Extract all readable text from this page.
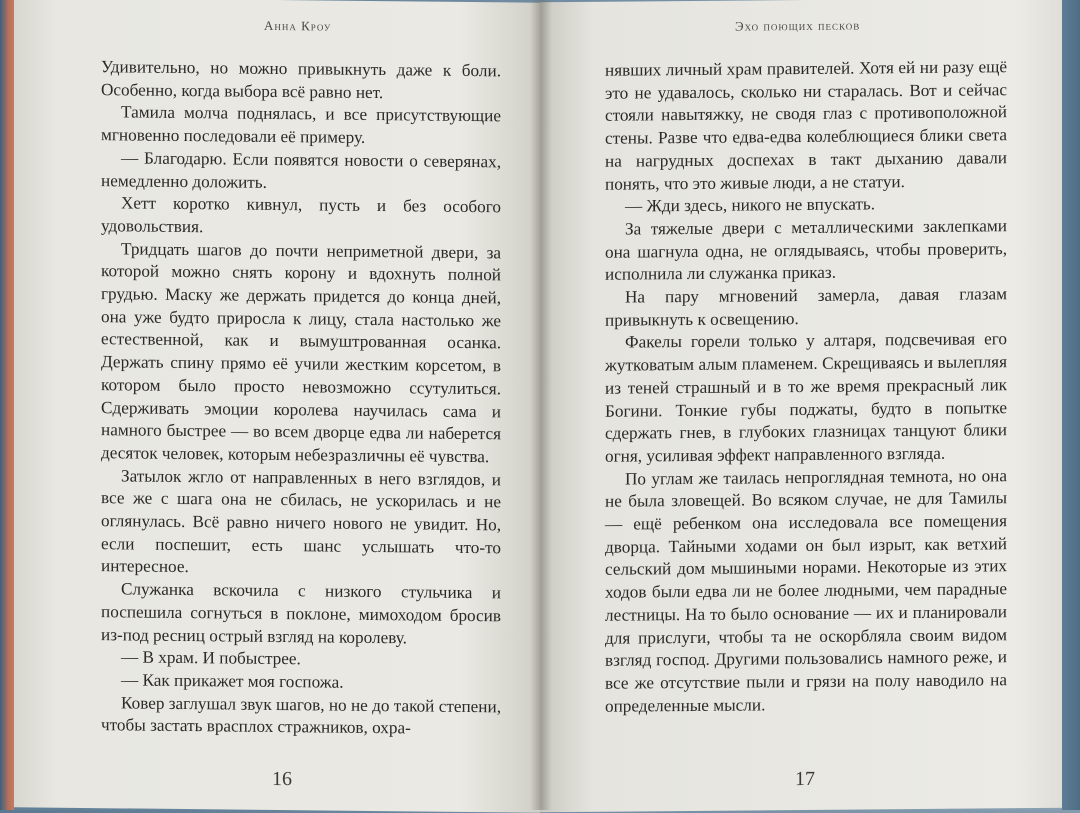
Анна Кроу

Удивительно, но можно привыкнуть даже к боли. Особенно, когда выбора всё равно нет.

Тамила молча поднялась, и все присутствующие мгновенно последовали её примеру.

— Благодарю. Если появятся новости о северянах, немедленно доложить.

Хетт коротко кивнул, пусть и без особого удовольствия.

Тридцать шагов до почти неприметной двери, за которой можно снять корону и вдохнуть полной грудью. Маску же держать придется до конца дней, она уже будто приросла к лицу, стала настолько же естественной, как и вымуштрованная осанка. Держать спину прямо её учили жестким корсетом, в котором было просто невозможно ссутулиться. Сдерживать эмоции королева научилась сама и намного быстрее — во всем дворце едва ли наберется десяток человек, которым небезразличны её чувства.

Затылок жгло от направленных в него взглядов, и все же с шага она не сбилась, не ускорилась и не оглянулась. Всё равно ничего нового не увидит. Но, если поспешит, есть шанс услышать что-то интересное.

Служанка вскочила с низкого стульчика и поспешила согнуться в поклоне, мимоходом бросив из-под ресниц острый взгляд на королеву.

— В храм. И побыстрее.

— Как прикажет моя госпожа.

Ковер заглушал звук шагов, но не до такой степени, чтобы застать врасплох стражников, охра-

16
Эхо поющих песков

нявших личный храм правителей. Хотя ей ни разу ещё это не удавалось, сколько ни старалась. Вот и сейчас стояли навытяжку, не сводя глаз с противоположной стены. Разве что едва-едва колеблющиеся блики света на нагрудных доспехах в такт дыханию давали понять, что это живые люди, а не статуи.

— Жди здесь, никого не впускать.

За тяжелые двери с металлическими заклепками она шагнула одна, не оглядываясь, чтобы проверить, исполнила ли служанка приказ.

На пару мгновений замерла, давая глазам привыкнуть к освещению.

Факелы горели только у алтаря, подсвечивая его жутковатым алым пламенем. Скрещиваясь и вылепляя из теней страшный и в то же время прекрасный лик Богини. Тонкие губы поджаты, будто в попытке сдержать гнев, в глубоких глазницах танцуют блики огня, усиливая эффект направленного взгляда.

По углам же таилась непроглядная темнота, но она не была зловещей. Во всяком случае, не для Тамилы — ещё ребенком она исследовала все помещения дворца. Тайными ходами он был изрыт, как ветхий сельский дом мышиными норами. Некоторые из этих ходов были едва ли не более людными, чем парадные лестницы. На то было основание — их и планировали для прислуги, чтобы та не оскорбляла своим видом взгляд господ. Другими пользовались намного реже, и все же отсутствие пыли и грязи на полу наводило на определенные мысли.

17
